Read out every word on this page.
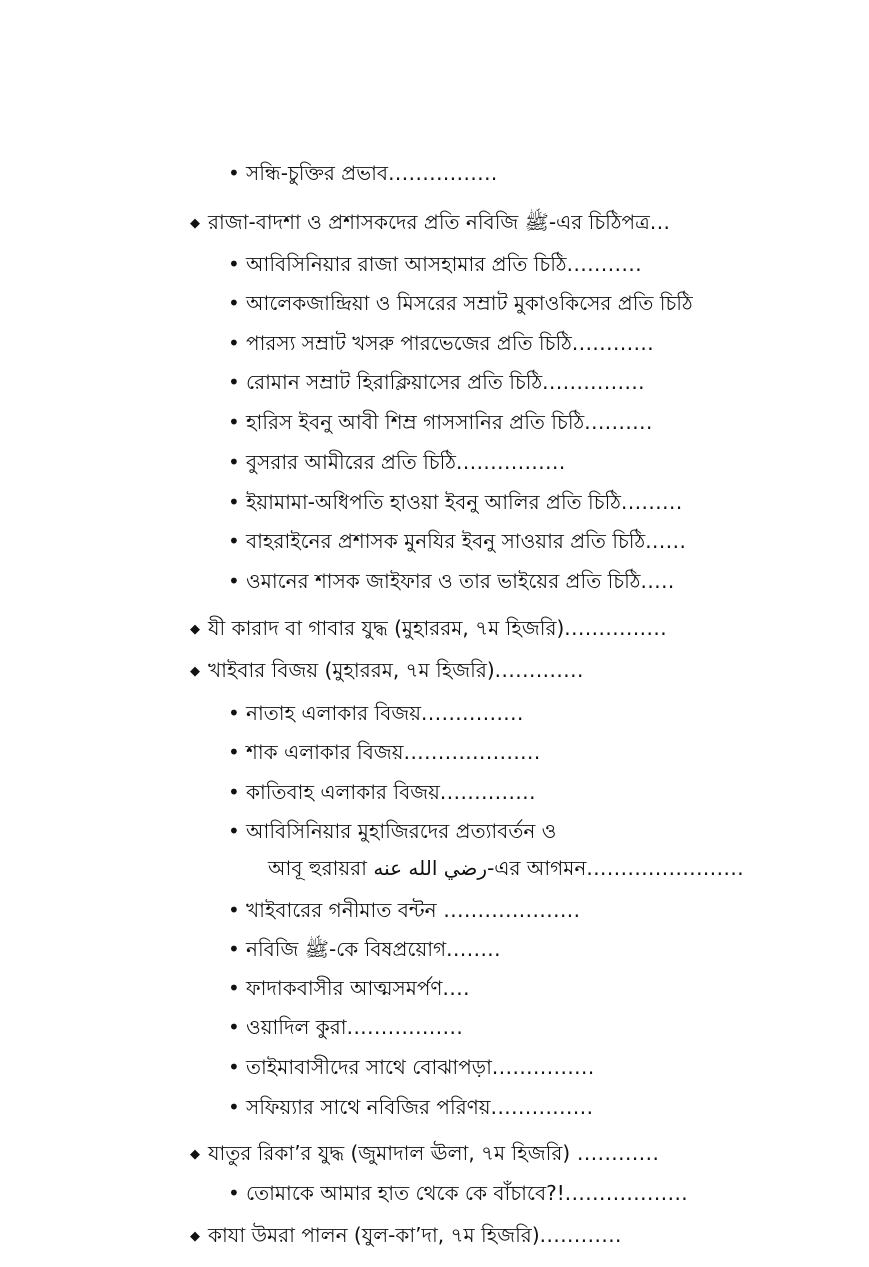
• সন্ধি-চুক্তির প্রভাব................
◆ রাজা-বাদশা ও প্রশাসকদের প্রতি নবিজি ﷺ-এর চিঠিপত্র...
• আবিসিনিয়ার রাজা আসহামার প্রতি চিঠি...........
• আলেকজান্দ্রিয়া ও মিসরের সম্রাট মুকাওকিসের প্রতি চিঠি
• পারস্য সম্রাট খসরু পারভেজের প্রতি চিঠি............
• রোমান সম্রাট হিরাক্লিয়াসের প্রতি চিঠি...............
• হারিস ইবনু আবী শিম্র গাসসানির প্রতি চিঠি..........
• বুসরার আমীরের প্রতি চিঠি................
• ইয়ামামা-অধিপতি হাওয়া ইবনু আলির প্রতি চিঠি.........
• বাহরাইনের প্রশাসক মুনযির ইবনু সাওয়ার প্রতি চিঠি......
• ওমানের শাসক জাইফার ও তার ভাইয়ের প্রতি চিঠি.....
◆ যী কারাদ বা গাবার যুদ্ধ (মুহাররম, ৭ম হিজরি)...............
◆ খাইবার বিজয় (মুহাররম, ৭ম হিজরি).............
• নাতাহ এলাকার বিজয়...............
• শাক এলাকার বিজয়....................
• কাতিবাহ এলাকার বিজয়..............
• আবিসিনিয়ার মুহাজিরদের প্রত্যাবর্তন ও
আবূ হুরায়রা رضي الله عنه-এর আগমন.......................
• খাইবারের গনীমাত বন্টন ....................
• নবিজি ﷺ-কে বিষপ্রয়োগ........
• ফাদাকবাসীর আত্মসমর্পণ....
• ওয়াদিল কুরা.................
• তাইমাবাসীদের সাথে বোঝাপড়া...............
• সফিয়্যার সাথে নবিজির পরিণয়...............
◆ যাতুর রিকা’র যুদ্ধ (জুমাদাল ঊলা, ৭ম হিজরি) ............
• তোমাকে আমার হাত থেকে কে বাঁচাবে?!..................
◆ কাযা উমরা পালন (যুল-কা’দা, ৭ম হিজরি)............
